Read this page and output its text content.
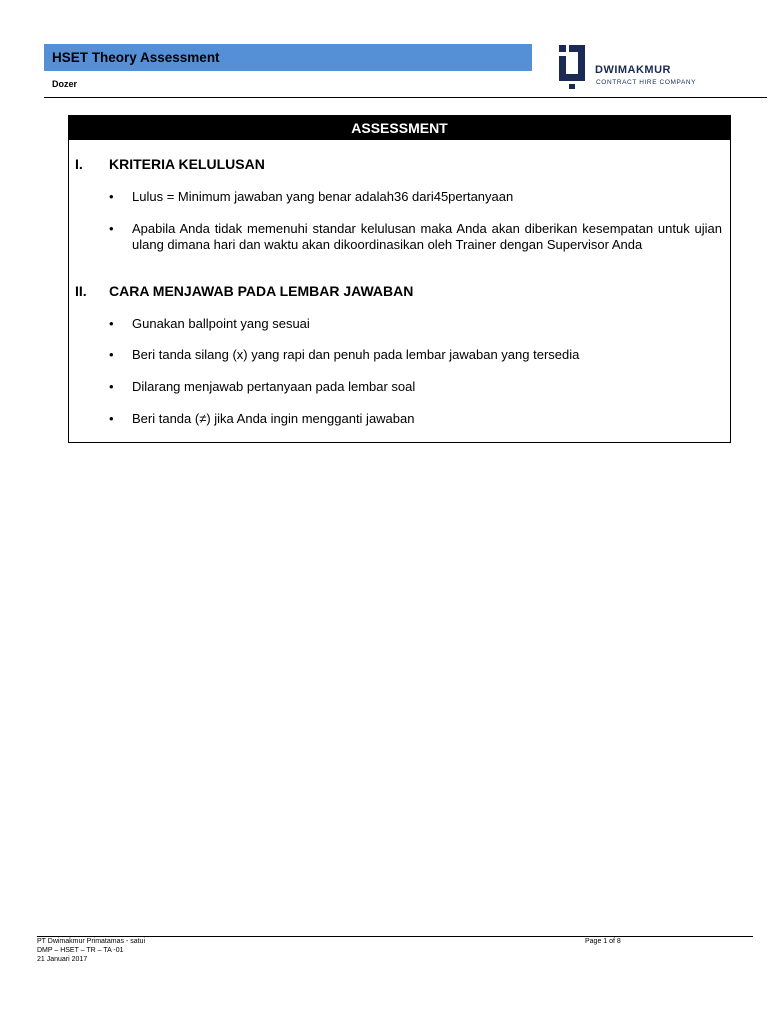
HSET Theory Assessment
Dozer
DWIMAKMUR
CONTRACT HIRE COMPANY
ASSESSMENT
I. KRITERIA KELULUSAN
• Lulus = Minimum jawaban yang benar adalah36 dari45pertanyaan
• Apabila Anda tidak memenuhi standar kelulusan maka Anda akan diberikan kesempatan untuk ujian ulang dimana hari dan waktu akan dikoordinasikan oleh Trainer dengan Supervisor Anda
II. CARA MENJAWAB PADA LEMBAR JAWABAN
• Gunakan ballpoint yang sesuai
• Beri tanda silang (x) yang rapi dan penuh pada lembar jawaban yang tersedia
• Dilarang menjawab pertanyaan pada lembar soal
• Beri tanda (≠) jika Anda ingin mengganti jawaban
PT Dwimakmur Primatamas - satui
DMP – HSET – TR – TA -01
21 Januari 2017
Page 1 of 8
